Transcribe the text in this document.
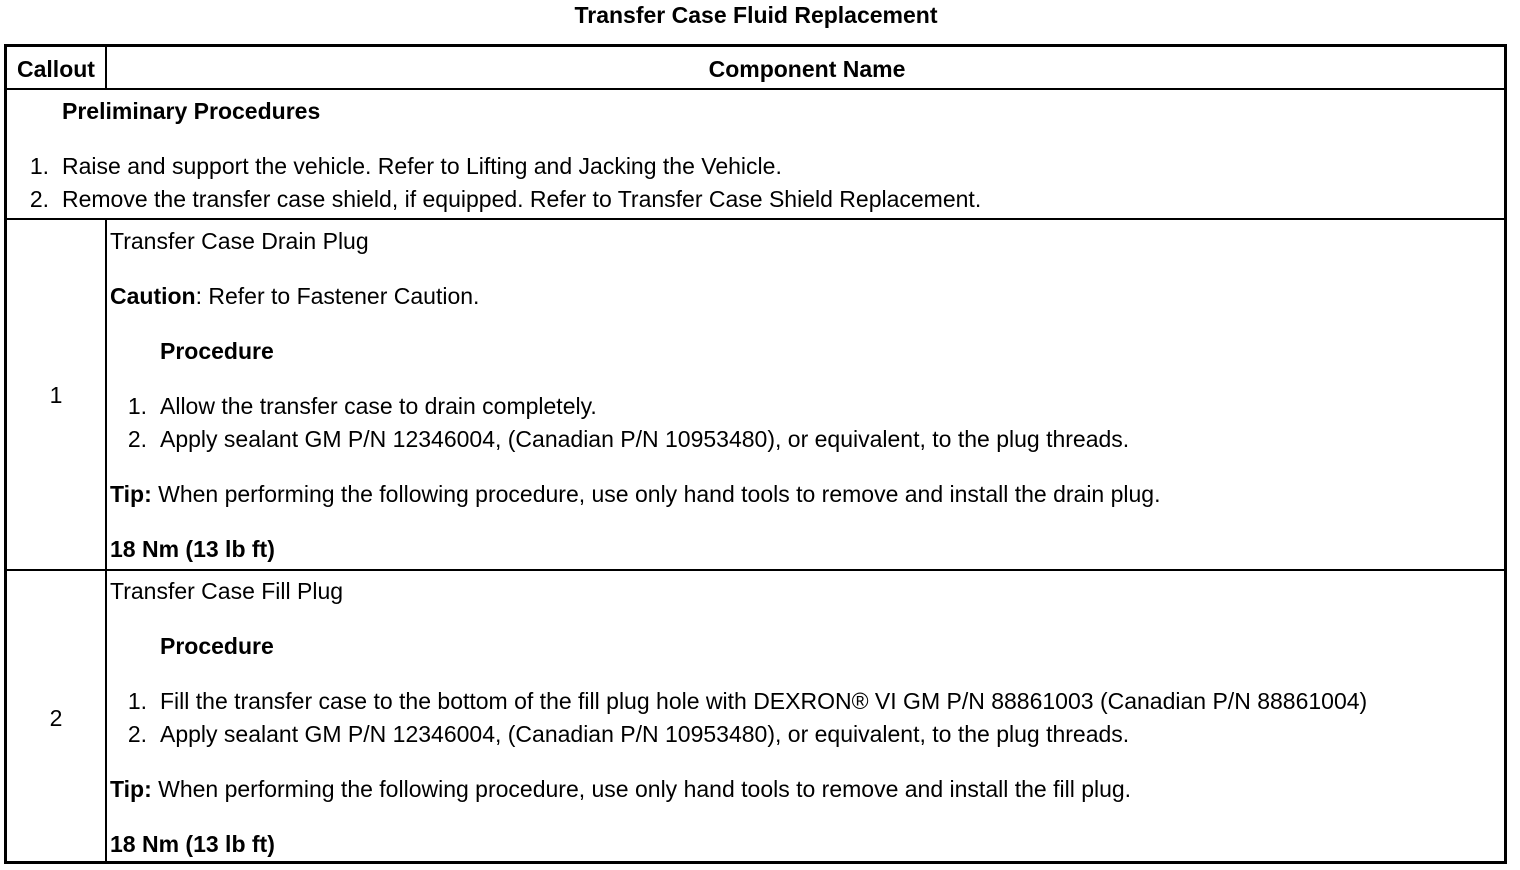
Transfer Case Fluid Replacement
Callout	Component Name
Preliminary Procedures
1. Raise and support the vehicle. Refer to Lifting and Jacking the Vehicle.
2. Remove the transfer case shield, if equipped. Refer to Transfer Case Shield Replacement.
1
Transfer Case Drain Plug
Caution: Refer to Fastener Caution.
Procedure
1. Allow the transfer case to drain completely.
2. Apply sealant GM P/N 12346004, (Canadian P/N 10953480), or equivalent, to the plug threads.
Tip: When performing the following procedure, use only hand tools to remove and install the drain plug.
18 Nm (13 lb ft)
2
Transfer Case Fill Plug
Procedure
1. Fill the transfer case to the bottom of the fill plug hole with DEXRON® VI GM P/N 88861003 (Canadian P/N 88861004)
2. Apply sealant GM P/N 12346004, (Canadian P/N 10953480), or equivalent, to the plug threads.
Tip: When performing the following procedure, use only hand tools to remove and install the fill plug.
18 Nm (13 lb ft)
